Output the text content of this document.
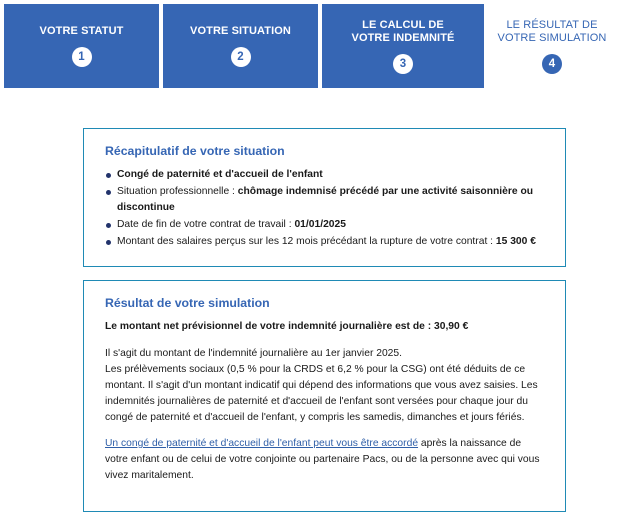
VOTRE STATUT
1
VOTRE SITUATION
2
LE CALCUL DE VOTRE INDEMNITÉ
3
LE RÉSULTAT DE VOTRE SIMULATION
4
Récapitulatif de votre situation
Congé de paternité et d'accueil de l'enfant
Situation professionnelle : chômage indemnisé précédé par une activité saisonnière ou discontinue
Date de fin de votre contrat de travail : 01/01/2025
Montant des salaires perçus sur les 12 mois précédant la rupture de votre contrat : 15 300 €
Résultat de votre simulation
Le montant net prévisionnel de votre indemnité journalière est de : 30,90 €
Il s'agit du montant de l'indemnité journalière au 1er janvier 2025.
Les prélèvements sociaux (0,5 % pour la CRDS et 6,2 % pour la CSG) ont été déduits de ce montant. Il s'agit d'un montant indicatif qui dépend des informations que vous avez saisies. Les indemnités journalières de paternité et d'accueil de l'enfant sont versées pour chaque jour du congé de paternité et d'accueil de l'enfant, y compris les samedis, dimanches et jours fériés.
Un congé de paternité et d'accueil de l'enfant peut vous être accordé après la naissance de votre enfant ou de celui de votre conjointe ou partenaire Pacs, ou de la personne avec qui vous vivez maritalement.
